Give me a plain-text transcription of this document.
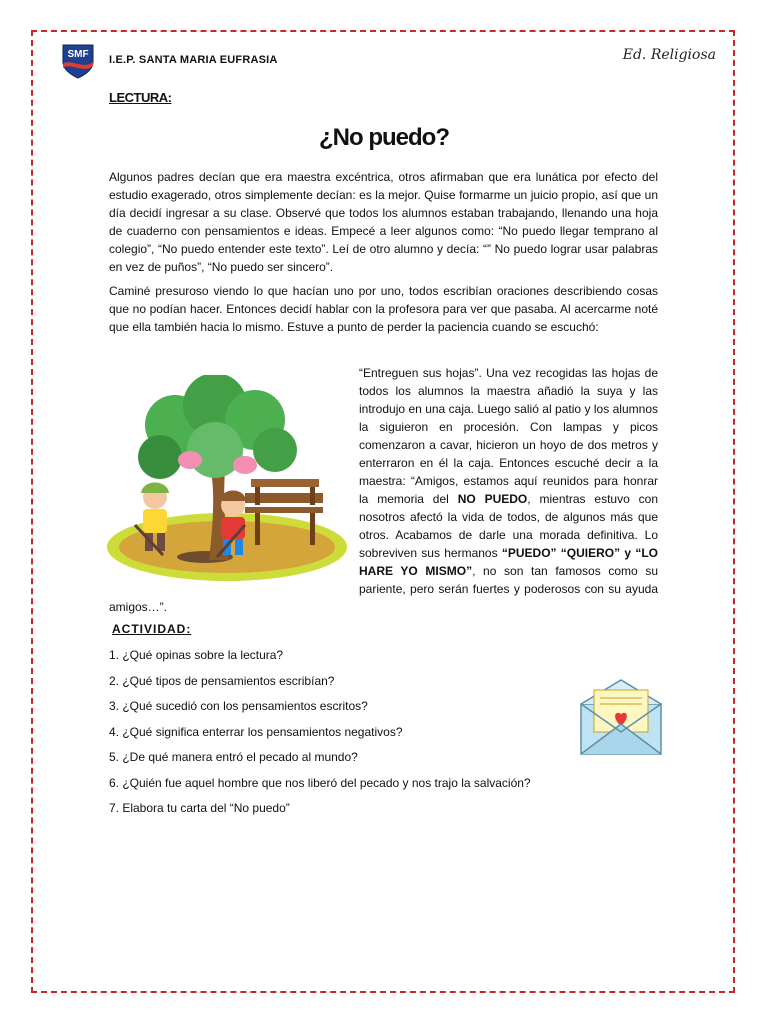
SMF I.E.P. SANTA MARIA EUFRASIA	Ed. Religiosa
LECTURA:
¿No puedo?

Algunos padres decían que era maestra excéntrica, otros afirmaban que era lunática por efecto del estudio exagerado, otros simplemente decían: es la mejor. Quise formarme un juicio propio, así que un día decidí ingresar a su clase. Observé que todos los alumnos estaban trabajando, llenando una hoja de cuaderno con pensamientos e ideas. Empecé a leer algunos como: “No puedo llegar temprano al colegio”, “No puedo entender este texto”. Leí de otro alumno y decía: “” No puedo lograr usar palabras en vez de puños”, “No puedo ser sincero”.

Caminé presuroso viendo lo que hacían uno por uno, todos escribían oraciones describiendo cosas que no podían hacer. Entonces decidí hablar con la profesora para ver que pasaba. Al acercarme noté que ella también hacia lo mismo. Estuve a punto de perder la paciencia cuando se escuchó:

“Entreguen sus hojas”. Una vez recogidas las hojas de todos los alumnos la maestra añadió la suya y las introdujo en una caja. Luego salió al patio y los alumnos la siguieron en procesión. Con lampas y picos comenzaron a cavar, hicieron un hoyo de dos metros y enterraron en él la caja. Entonces escuché decir a la maestra: “Amigos, estamos aquí reunidos para honrar la memoria del NO PUEDO, mientras estuvo con nosotros afectó la vida de todos, de algunos más que otros. Acabamos de darle una morada definitiva. Lo sobreviven sus hermanos “PUEDO” “QUIERO” y “LO HARE YO MISMO”, no son tan famosos como su pariente, pero serán fuertes y poderosos con su ayuda amigos…”.

ACTIVIDAD:
1. ¿Qué opinas sobre la lectura?
2. ¿Qué tipos de pensamientos escribían?
3. ¿Qué sucedió con los pensamientos escritos?
4. ¿Qué significa enterrar los pensamientos negativos?
5. ¿De qué manera entró el pecado al mundo?
6. ¿Quién fue aquel hombre que nos liberó del pecado y nos trajo la salvación?
7. Elabora tu carta del “No puedo”
